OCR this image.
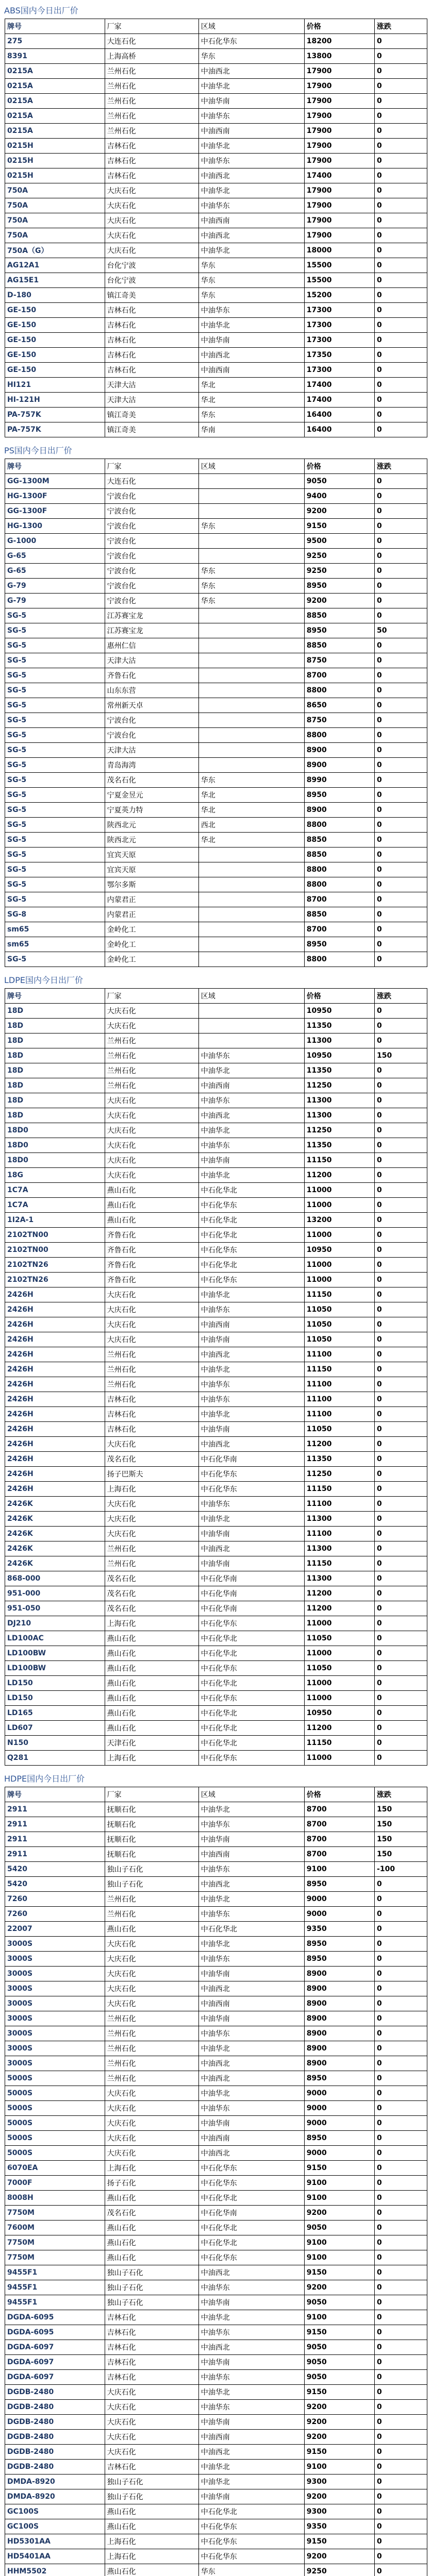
ABS国内今日出厂价
牌号	厂家	区域	价格	涨跌
275	大连石化	中石化华东	18200	0
8391	上海高桥	华东	13800	0
0215A	兰州石化	中油西北	17900	0
0215A	兰州石化	中油华北	17900	0
0215A	兰州石化	中油华南	17900	0
0215A	兰州石化	中油华东	17900	0
0215A	兰州石化	中油西南	17900	0
0215H	吉林石化	中油华北	17900	0
0215H	吉林石化	中油华东	17900	0
0215H	吉林石化	中油西北	17400	0
750A	大庆石化	中油华北	17900	0
750A	大庆石化	中油华东	17900	0
750A	大庆石化	中油西南	17900	0
750A	大庆石化	中油西北	17900	0
750A（G）	大庆石化	中油华北	18000	0
AG12A1	台化宁波	华东	15500	0
AG15E1	台化宁波	华东	15500	0
D-180	镇江奇美	华东	15200	0
GE-150	吉林石化	中油华东	17300	0
GE-150	吉林石化	中油华北	17300	0
GE-150	吉林石化	中油华南	17300	0
GE-150	吉林石化	中油西北	17350	0
GE-150	吉林石化	中油西南	17300	0
HI121	天津大沽	华北	17400	0
HI-121H	天津大沽	华北	17400	0
PA-757K	镇江奇美	华东	16400	0
PA-757K	镇江奇美	华南	16400	0
PS国内今日出厂价
牌号	厂家	区域	价格	涨跌
GG-1300M	大连石化		9050	0
HG-1300F	宁波台化		9400	0
GG-1300F	宁波台化		9200	0
HG-1300	宁波台化	华东	9150	0
G-1000	宁波台化		9500	0
G-65	宁波台化		9250	0
G-65	宁波台化	华东	9250	0
G-79	宁波台化	华东	8950	0
G-79	宁波台化	华东	9200	0
SG-5	江苏赛宝龙		8850	0
SG-5	江苏赛宝龙		8950	50
SG-5	惠州仁信		8850	0
SG-5	天津大沽		8750	0
SG-5	齐鲁石化		8700	0
SG-5	山东东营		8800	0
SG-5	常州新天卓		8650	0
SG-5	宁波台化		8750	0
SG-5	宁波台化		8800	0
SG-5	天津大沽		8900	0
SG-5	青岛海湾		8900	0
SG-5	茂名石化	华东	8990	0
SG-5	宁夏金昱元	华北	8950	0
SG-5	宁夏英力特	华北	8900	0
SG-5	陕西北元	西北	8800	0
SG-5	陕西北元	华北	8850	0
SG-5	宜宾天原		8850	0
SG-5	宜宾天原		8800	0
SG-5	鄂尔多斯		8800	0
SG-5	内蒙君正		8700	0
SG-8	内蒙君正		8850	0
sm65	金岭化工		8700	0
sm65	金岭化工		8950	0
SG-5	金岭化工		8800	0
LDPE国内今日出厂价
牌号	厂家	区域	价格	涨跌
18D	大庆石化		10950	0
18D	大庆石化		11350	0
18D	兰州石化		11300	0
18D	兰州石化	中油华东	10950	150
18D	兰州石化	中油华北	11350	0
18D	兰州石化	中油西南	11250	0
18D	大庆石化	中油华东	11300	0
18D	大庆石化	中油西北	11300	0
18D0	大庆石化	中油华北	11250	0
18D0	大庆石化	中油华东	11350	0
18D0	大庆石化	中油华南	11150	0
18G	大庆石化	中油华北	11200	0
1C7A	燕山石化	中石化华北	11000	0
1C7A	燕山石化	中石化华东	11000	0
1I2A-1	燕山石化	中石化华北	13200	0
2102TN00	齐鲁石化	中石化华北	11000	0
2102TN00	齐鲁石化	中石化华东	10950	0
2102TN26	齐鲁石化	中石化华北	11000	0
2102TN26	齐鲁石化	中石化华东	11000	0
2426H	大庆石化	中油华北	11150	0
2426H	大庆石化	中油华东	11050	0
2426H	大庆石化	中油西南	11050	0
2426H	大庆石化	中油华南	11050	0
2426H	兰州石化	中油西北	11100	0
2426H	兰州石化	中油华北	11150	0
2426H	兰州石化	中油华东	11100	0
2426H	吉林石化	中油华东	11100	0
2426H	吉林石化	中油华北	11100	0
2426H	吉林石化	中油华南	11050	0
2426H	大庆石化	中油西北	11200	0
2426H	茂名石化	中石化华南	11350	0
2426H	扬子巴斯夫	中石化华东	11250	0
2426H	上海石化	中石化华东	11150	0
2426K	大庆石化	中油华东	11100	0
2426K	大庆石化	中油华北	11300	0
2426K	大庆石化	中油华南	11100	0
2426K	兰州石化	中油西北	11300	0
2426K	兰州石化	中油华南	11150	0
868-000	茂名石化	中石化华南	11300	0
951-000	茂名石化	中石化华南	11200	0
951-050	茂名石化	中石化华南	11200	0
DJ210	上海石化	中石化华东	11000	0
LD100AC	燕山石化	中石化华北	11050	0
LD100BW	燕山石化	中石化华北	11000	0
LD100BW	燕山石化	中石化华东	11050	0
LD150	燕山石化	中石化华北	11000	0
LD150	燕山石化	中石化华东	11000	0
LD165	燕山石化	中石化华北	10950	0
LD607	燕山石化	中石化华北	11200	0
N150	天津石化	中石化华北	11150	0
Q281	上海石化	中石化华东	11000	0
HDPE国内今日出厂价
牌号	厂家	区域	价格	涨跌
2911	抚顺石化	中油华北	8700	150
2911	抚顺石化	中油华东	8700	150
2911	抚顺石化	中油华南	8700	150
2911	抚顺石化	中油西南	8700	150
5420	独山子石化	中油华东	9100	-100
5420	独山子石化	中油西北	8950	0
7260	兰州石化	中油华北	9000	0
7260	兰州石化	中油华东	9000	0
22007	燕山石化	中石化华北	9350	0
3000S	大庆石化	中油华北	8950	0
3000S	大庆石化	中油华东	8950	0
3000S	大庆石化	中油华南	8900	0
3000S	大庆石化	中油西北	8900	0
3000S	大庆石化	中油西南	8900	0
3000S	兰州石化	中油华南	8900	0
3000S	兰州石化	中油华东	8900	0
3000S	兰州石化	中油华北	8900	0
3000S	兰州石化	中油西北	8900	0
5000S	兰州石化	中油西北	8950	0
5000S	大庆石化	中油华北	9000	0
5000S	大庆石化	中油华东	9000	0
5000S	大庆石化	中油华南	9000	0
5000S	大庆石化	中油西南	8950	0
5000S	大庆石化	中油西北	9000	0
6070EA	上海石化	中石化华东	9150	0
7000F	扬子石化	中石化华东	9100	0
8008H	燕山石化	中石化华北	9100	0
7750M	茂名石化	中石化华南	9200	0
7600M	燕山石化	中石化华北	9050	0
7750M	燕山石化	中石化华北	9100	0
7750M	燕山石化	中石化华东	9100	0
9455F1	独山子石化	中油西北	9150	0
9455F1	独山子石化	中油华东	9200	0
9455F1	独山子石化	中油华南	9050	0
DGDA-6095	吉林石化	中油华北	9100	0
DGDA-6095	吉林石化	中油华东	9150	0
DGDA-6097	吉林石化	中油西北	9050	0
DGDA-6097	吉林石化	中油华南	9050	0
DGDA-6097	吉林石化	中油华东	9050	0
DGDB-2480	大庆石化	中油华北	9150	0
DGDB-2480	大庆石化	中油华东	9200	0
DGDB-2480	大庆石化	中油华南	9200	0
DGDB-2480	大庆石化	中油西南	9200	0
DGDB-2480	大庆石化	中油西北	9150	0
DGDB-2480	吉林石化	中油华北	9100	0
DMDA-8920	独山子石化	中油华北	9300	0
DMDA-8920	独山子石化	中油华南	9200	0
GC100S	燕山石化	中石化华北	9300	0
GC100S	燕山石化	中石化华东	9350	0
HD5301AA	上海石化	中石化华东	9150	0
HD5401AA	上海石化	中石化华东	9200	0
HHM5502	燕山石化	华东	9250	0
